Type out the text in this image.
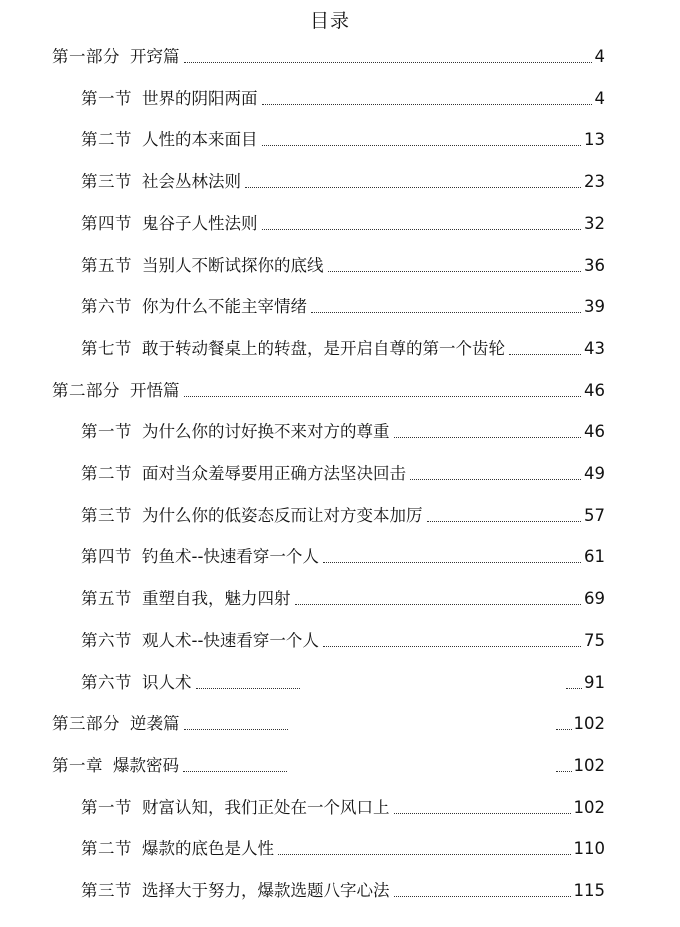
目录
第一部分 开窍篇	4
第一节 世界的阴阳两面	4
第二节 人性的本来面目	13
第三节 社会丛林法则	23
第四节 鬼谷子人性法则	32
第五节 当别人不断试探你的底线	36
第六节 你为什么不能主宰情绪	39
第七节 敢于转动餐桌上的转盘，是开启自尊的第一个齿轮	43
第二部分 开悟篇	46
第一节 为什么你的讨好换不来对方的尊重	46
第二节 面对当众羞辱要用正确方法坚决回击	49
第三节 为什么你的低姿态反而让对方变本加厉	57
第四节 钓鱼术--快速看穿一个人	61
第五节 重塑自我，魅力四射	69
第六节 观人术--快速看穿一个人	75
第六节 识人术	91
第三部分 逆袭篇	102
第一章 爆款密码	102
第一节 财富认知，我们正处在一个风口上	102
第二节 爆款的底色是人性	110
第三节 选择大于努力，爆款选题八字心法	115
